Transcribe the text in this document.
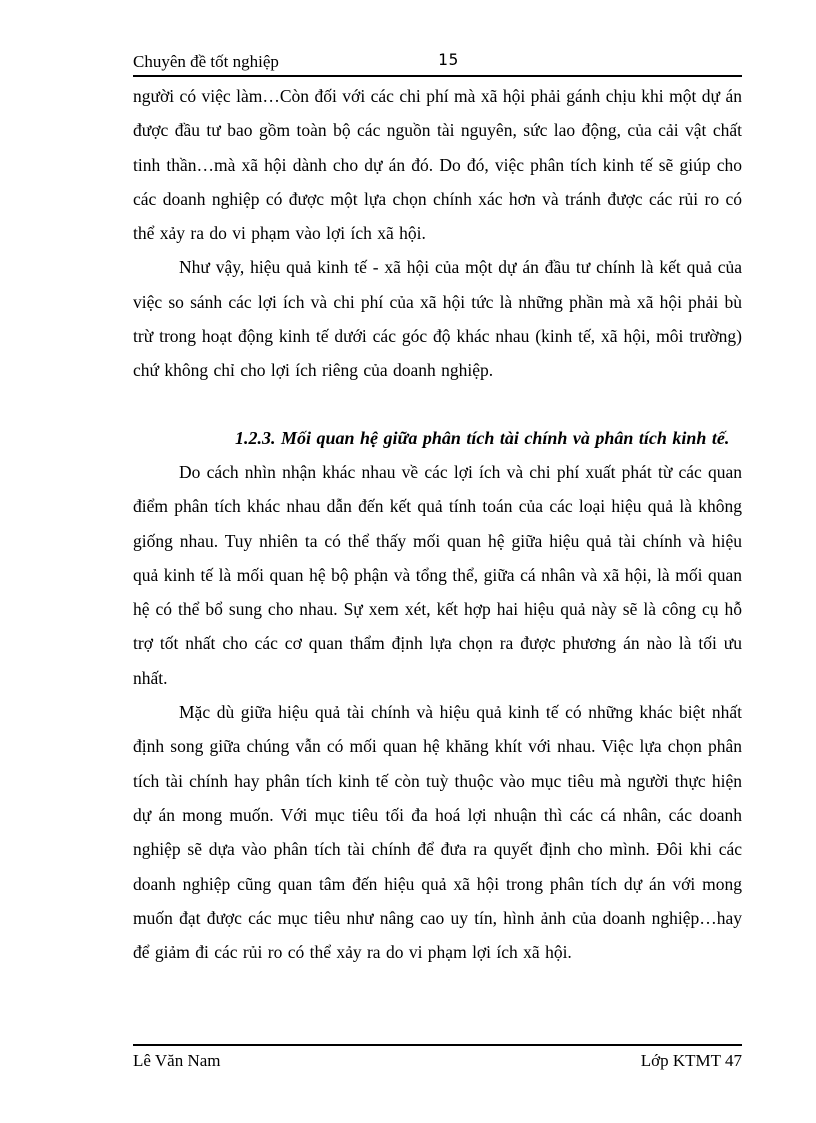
Chuyên đề tốt nghiệp	15

người có việc làm…Còn đối với các chi phí mà xã hội phải gánh chịu khi một dự án được đầu tư bao gồm toàn bộ các nguồn tài nguyên, sức lao động, của cải vật chất tinh thần…mà xã hội dành cho dự án đó. Do đó, việc phân tích kinh tế sẽ giúp cho các doanh nghiệp có được một lựa chọn chính xác hơn và tránh được các rủi ro có thể xảy ra do vi phạm vào lợi ích xã hội.

Như vậy, hiệu quả kinh tế - xã hội của một dự án đầu tư chính là kết quả của việc so sánh các lợi ích và chi phí của xã hội tức là những phần mà xã hội phải bù trừ trong hoạt động kinh tế dưới các góc độ khác nhau (kinh tế, xã hội, môi trường) chứ không chỉ cho lợi ích riêng của doanh nghiệp.

1.2.3. Mối quan hệ giữa phân tích tài chính và phân tích kinh tế.

Do cách nhìn nhận khác nhau về các lợi ích và chi phí xuất phát từ các quan điểm phân tích khác nhau dẫn đến kết quả tính toán của các loại hiệu quả là không giống nhau. Tuy nhiên ta có thể thấy mối quan hệ giữa hiệu quả tài chính và hiệu quả kinh tế là mối quan hệ bộ phận và tổng thể, giữa cá nhân và xã hội, là mối quan hệ có thể bổ sung cho nhau. Sự xem xét, kết hợp hai hiệu quả này sẽ là công cụ hỗ trợ tốt nhất cho các cơ quan thẩm định lựa chọn ra được phương án nào là tối ưu nhất.

Mặc dù giữa hiệu quả tài chính và hiệu quả kinh tế có những khác biệt nhất định song giữa chúng vẫn có mối quan hệ khăng khít với nhau. Việc lựa chọn phân tích tài chính hay phân tích kinh tế còn tuỳ thuộc vào mục tiêu mà người thực hiện dự án mong muốn. Với mục tiêu tối đa hoá lợi nhuận thì các cá nhân, các doanh nghiệp sẽ dựa vào phân tích tài chính để đưa ra quyết định cho mình. Đôi khi các doanh nghiệp cũng quan tâm đến hiệu quả xã hội trong phân tích dự án với mong muốn đạt được các mục tiêu như nâng cao uy tín, hình ảnh của doanh nghiệp…hay để giảm đi các rủi ro có thể xảy ra do vi phạm lợi ích xã hội.

Lê Văn Nam	Lớp KTMT 47
